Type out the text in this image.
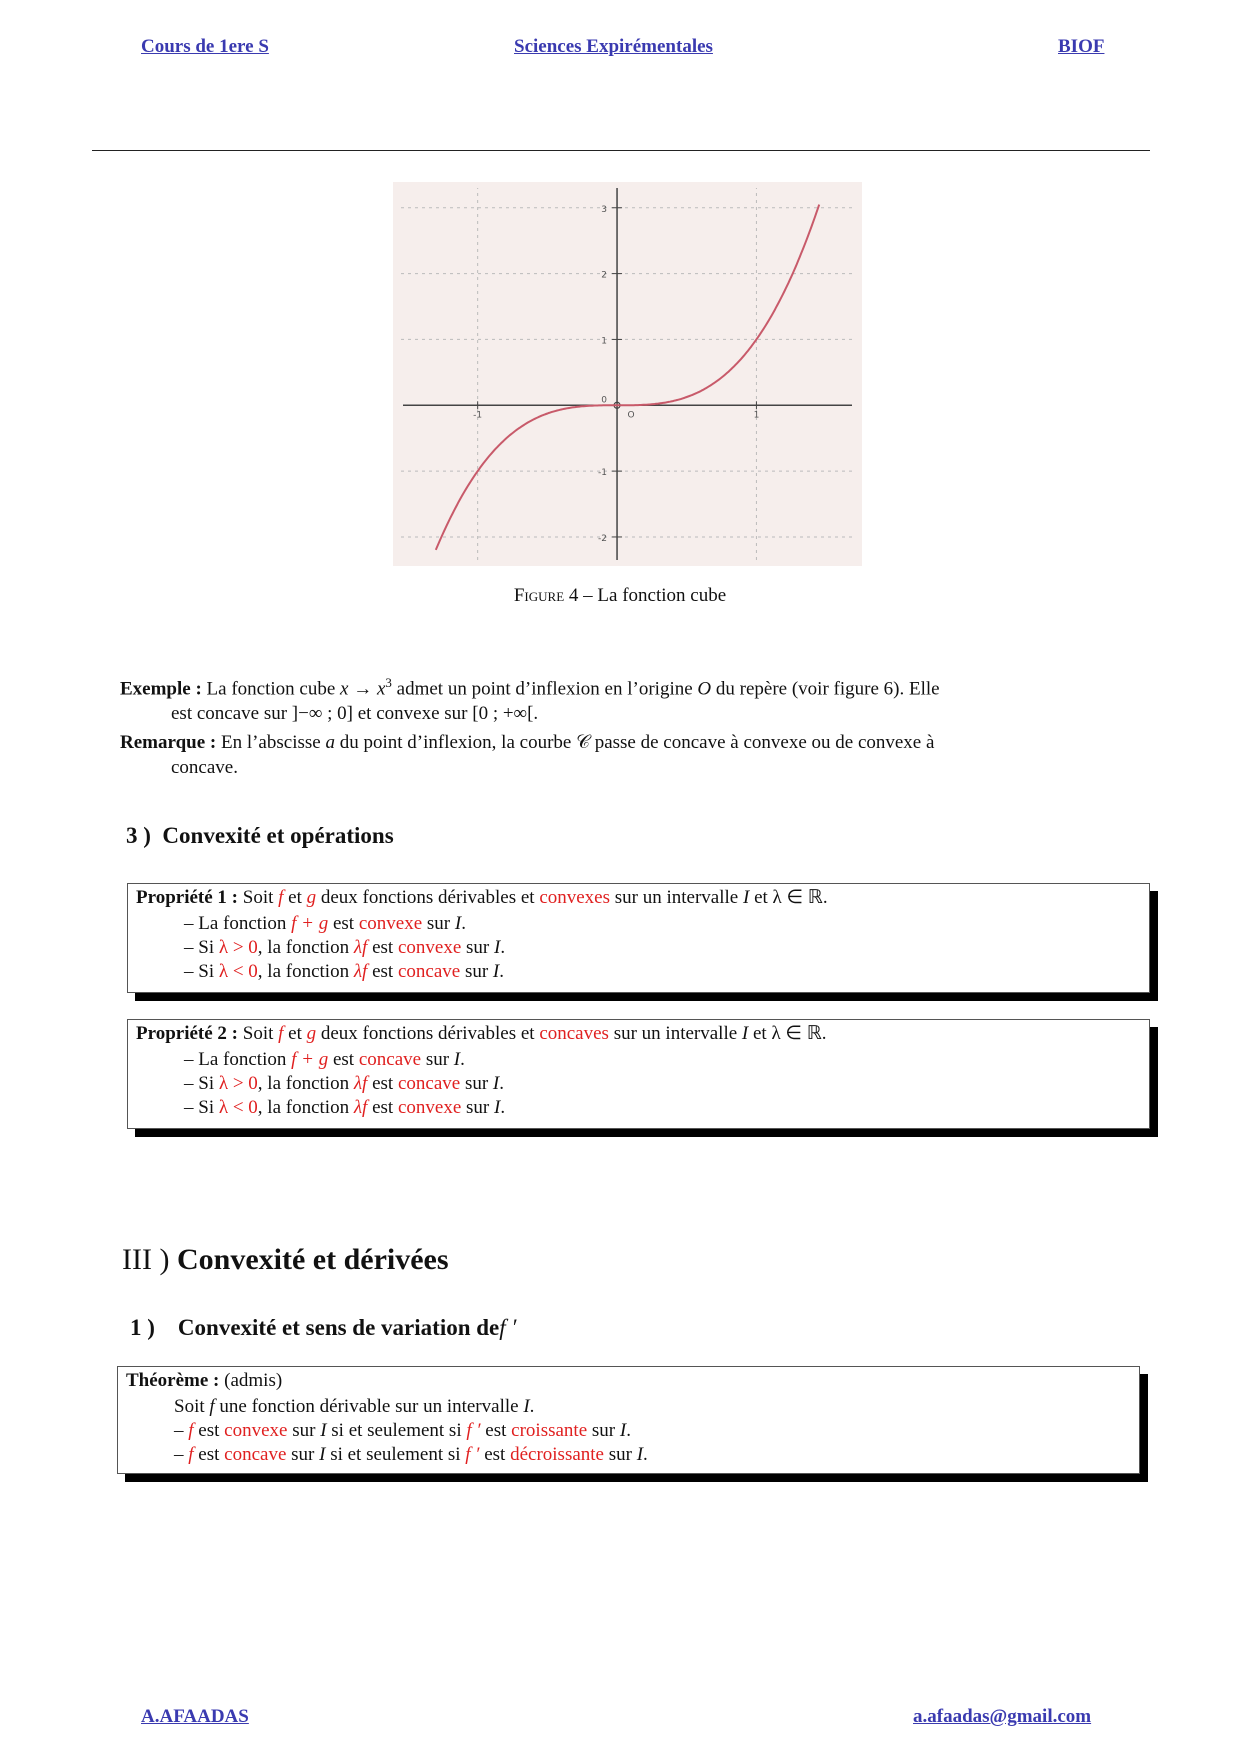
Cours de 1ere S	Sciences Expirémentales	BIOF
3
2
1
0
-1
-2
-1	O	1
Figure 4 – La fonction cube
Exemple : La fonction cube $x \to x^3$ admet un point d’inflexion en l’origine O du repère (voir figure 6). Elle
est concave sur ]−∞ ; 0] et convexe sur [0 ; +∞[.
Remarque : En l’abscisse a du point d’inflexion, la courbe 𝒞 passe de concave à convexe ou de convexe à
concave.
3 ) Convexité et opérations
Propriété 1 : Soit f et g deux fonctions dérivables et convexes sur un intervalle I et λ ∈ ℝ.
– La fonction f + g est convexe sur I.
– Si λ > 0, la fonction λf est convexe sur I.
– Si λ < 0, la fonction λf est concave sur I.
Propriété 2 : Soit f et g deux fonctions dérivables et concaves sur un intervalle I et λ ∈ ℝ.
– La fonction f + g est concave sur I.
– Si λ > 0, la fonction λf est concave sur I.
– Si λ < 0, la fonction λf est convexe sur I.
III ) Convexité et dérivées
1 ) Convexité et sens de variation def ′
Théorème : (admis)
Soit f une fonction dérivable sur un intervalle I.
– f est convexe sur I si et seulement si f ′ est croissante sur I.
– f est concave sur I si et seulement si f ′ est décroissante sur I.
A.AFAADAS	a.afaadas@gmail.com
